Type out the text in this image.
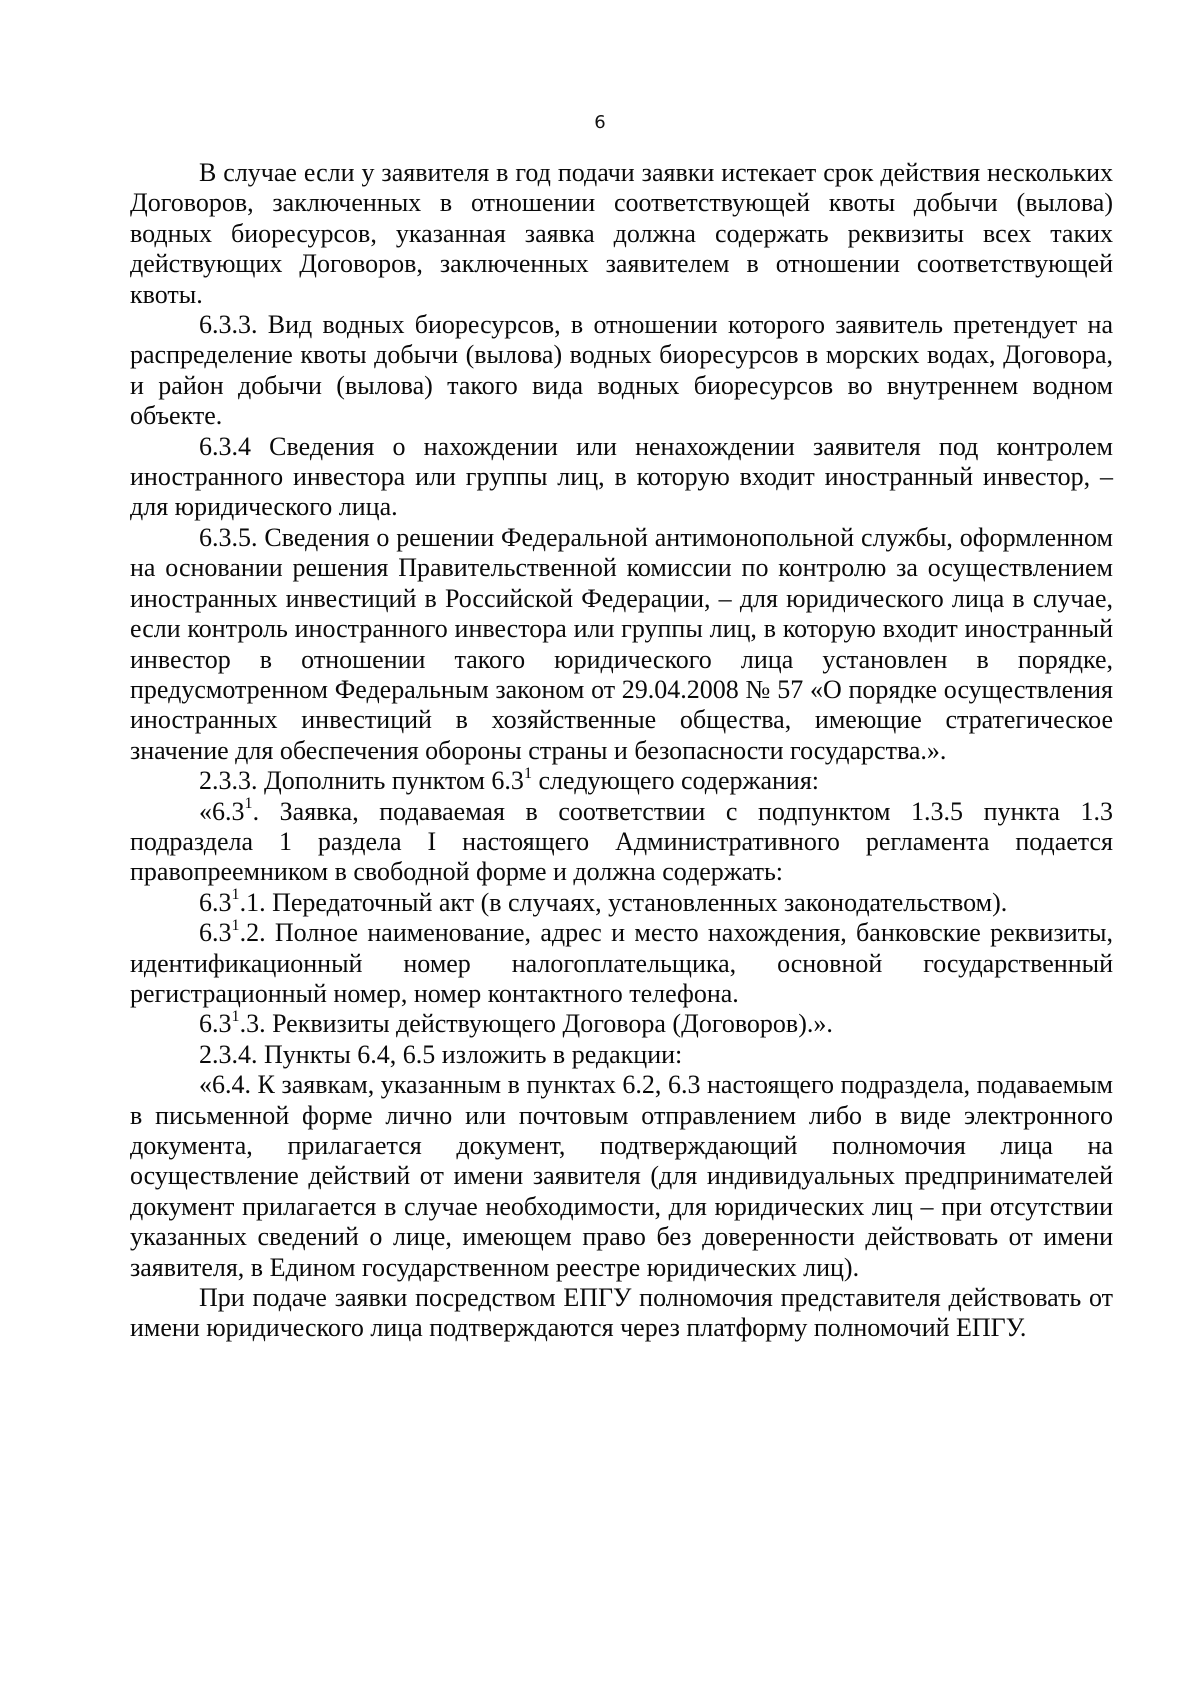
6

В случае если у заявителя в год подачи заявки истекает срок действия нескольких Договоров, заключенных в отношении соответствующей квоты добычи (вылова) водных биоресурсов, указанная заявка должна содержать реквизиты всех таких действующих Договоров, заключенных заявителем в отношении соответствующей квоты.

6.3.3. Вид водных биоресурсов, в отношении которого заявитель претендует на распределение квоты добычи (вылова) водных биоресурсов в морских водах, Договора, и район добычи (вылова) такого вида водных биоресурсов во внутреннем водном объекте.

6.3.4 Сведения о нахождении или ненахождении заявителя под контролем иностранного инвестора или группы лиц, в которую входит иностранный инвестор, – для юридического лица.

6.3.5. Сведения о решении Федеральной антимонопольной службы, оформленном на основании решения Правительственной комиссии по контролю за осуществлением иностранных инвестиций в Российской Федерации, – для юридического лица в случае, если контроль иностранного инвестора или группы лиц, в которую входит иностранный инвестор в отношении такого юридического лица установлен в порядке, предусмотренном Федеральным законом от 29.04.2008 № 57 «О порядке осуществления иностранных инвестиций в хозяйственные общества, имеющие стратегическое значение для обеспечения обороны страны и безопасности государства.».

2.3.3. Дополнить пунктом $6.3^1$ следующего содержания:

«$6.3^1$. Заявка, подаваемая в соответствии с подпунктом 1.3.5 пункта 1.3 подраздела 1 раздела I настоящего Административного регламента подается правопреемником в свободной форме и должна содержать:

$6.3^1.1$. Передаточный акт (в случаях, установленных законодательством).

$6.3^1.2$. Полное наименование, адрес и место нахождения, банковские реквизиты, идентификационный номер налогоплательщика, основной государственный регистрационный номер, номер контактного телефона.

$6.3^1.3$. Реквизиты действующего Договора (Договоров).».

2.3.4. Пункты 6.4, 6.5 изложить в редакции:

«6.4. К заявкам, указанным в пунктах 6.2, 6.3 настоящего подраздела, подаваемым в письменной форме лично или почтовым отправлением либо в виде электронного документа, прилагается документ, подтверждающий полномочия лица на осуществление действий от имени заявителя (для индивидуальных предпринимателей документ прилагается в случае необходимости, для юридических лиц – при отсутствии указанных сведений о лице, имеющем право без доверенности действовать от имени заявителя, в Едином государственном реестре юридических лиц).

При подаче заявки посредством ЕПГУ полномочия представителя действовать от имени юридического лица подтверждаются через платформу полномочий ЕПГУ.
